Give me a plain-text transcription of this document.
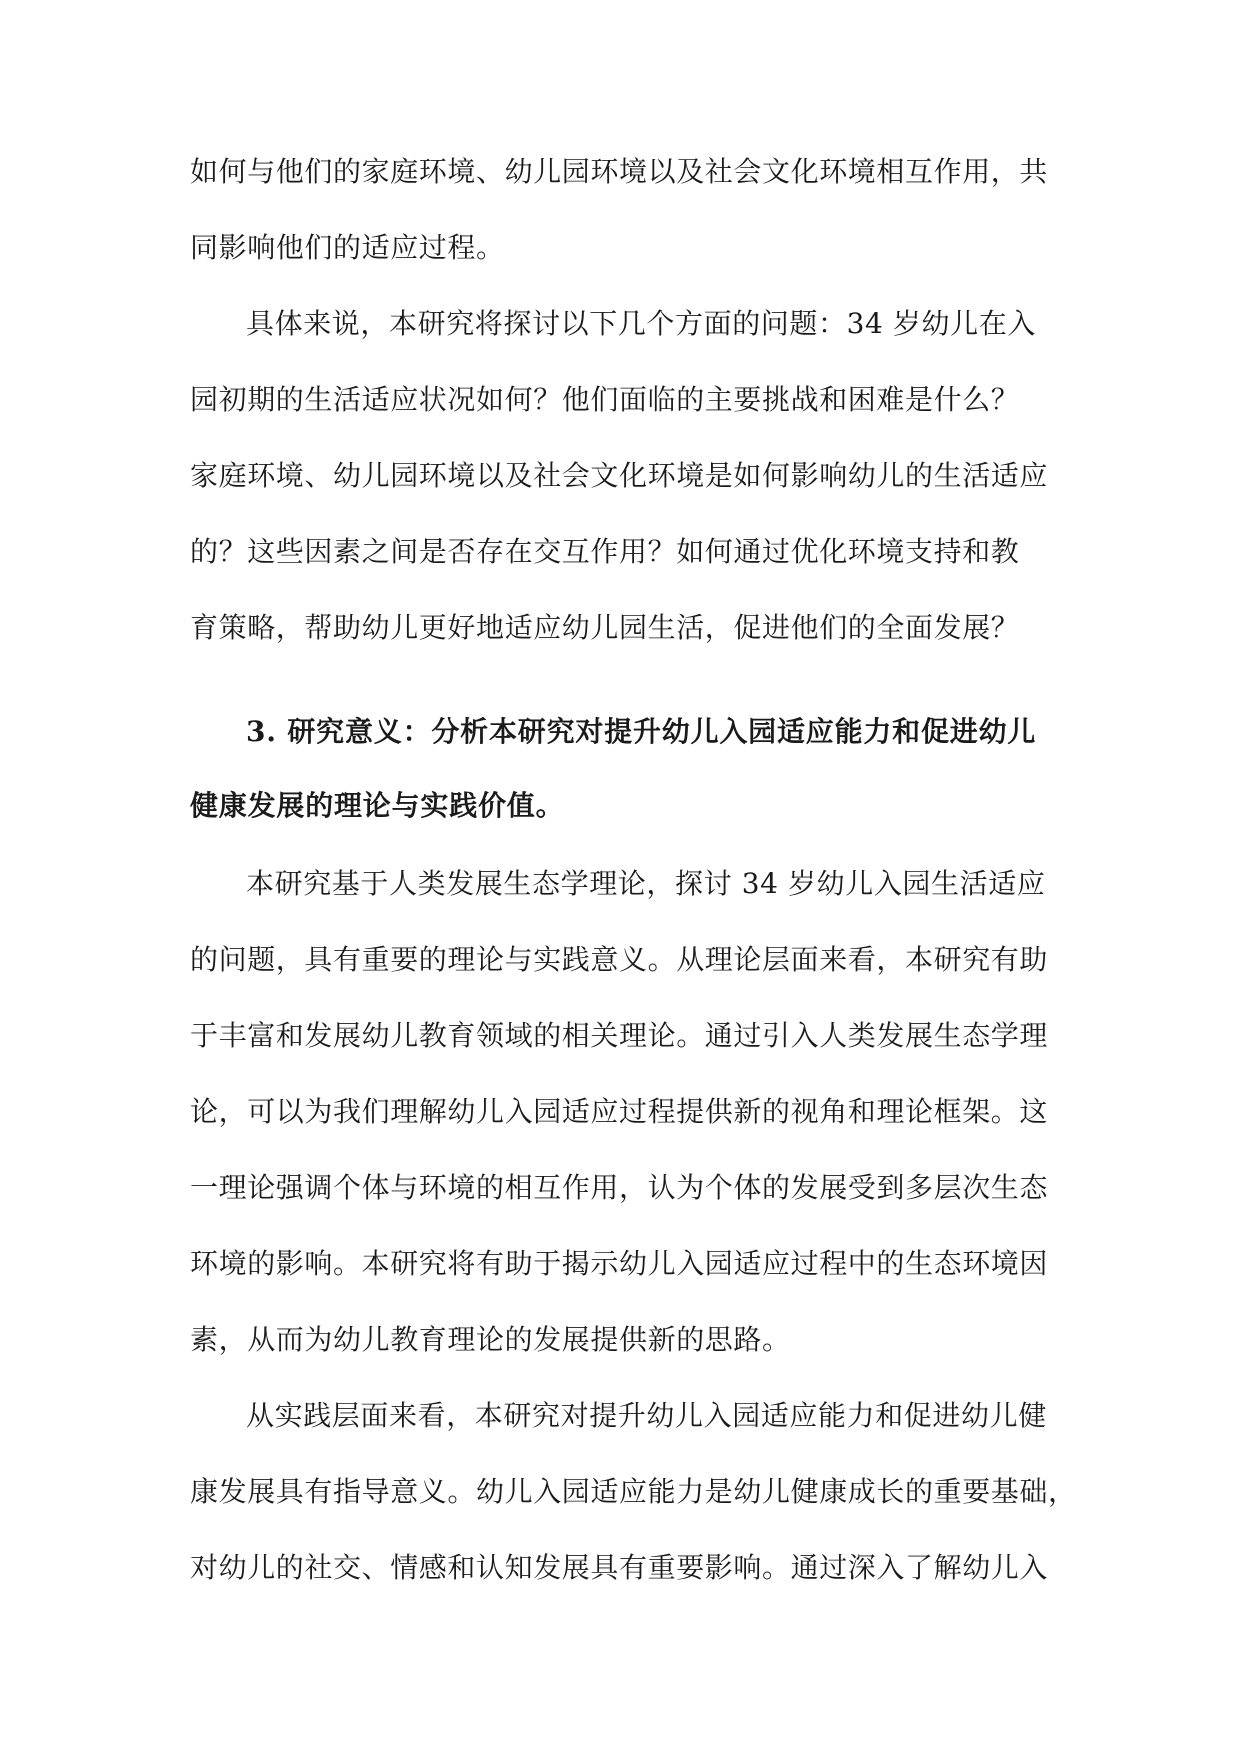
如何与他们的家庭环境、幼儿园环境以及社会文化环境相互作用，共
同影响他们的适应过程。
具体来说，本研究将探讨以下几个方面的问题：34 岁幼儿在入
园初期的生活适应状况如何？他们面临的主要挑战和困难是什么？
家庭环境、幼儿园环境以及社会文化环境是如何影响幼儿的生活适应
的？这些因素之间是否存在交互作用？如何通过优化环境支持和教
育策略，帮助幼儿更好地适应幼儿园生活，促进他们的全面发展？
3. 研究意义：分析本研究对提升幼儿入园适应能力和促进幼儿
健康发展的理论与实践价值。
本研究基于人类发展生态学理论，探讨 34 岁幼儿入园生活适应
的问题，具有重要的理论与实践意义。从理论层面来看，本研究有助
于丰富和发展幼儿教育领域的相关理论。通过引入人类发展生态学理
论，可以为我们理解幼儿入园适应过程提供新的视角和理论框架。这
一理论强调个体与环境的相互作用，认为个体的发展受到多层次生态
环境的影响。本研究将有助于揭示幼儿入园适应过程中的生态环境因
素，从而为幼儿教育理论的发展提供新的思路。
从实践层面来看，本研究对提升幼儿入园适应能力和促进幼儿健
康发展具有指导意义。幼儿入园适应能力是幼儿健康成长的重要基础，
对幼儿的社交、情感和认知发展具有重要影响。通过深入了解幼儿入
